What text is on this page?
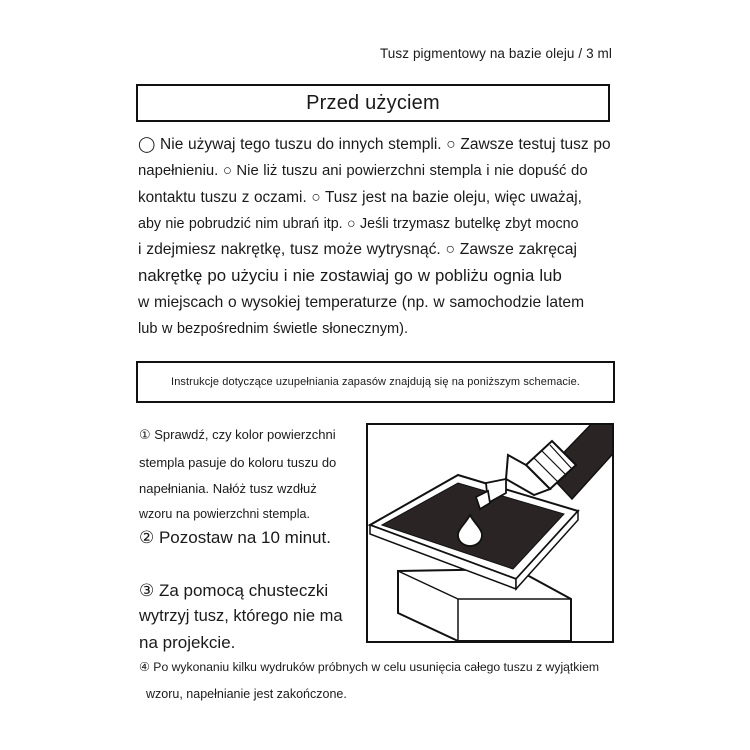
Tusz pigmentowy na bazie oleju / 3 ml
Przed użyciem
◯ Nie używaj tego tuszu do innych stempli. ○ Zawsze testuj tusz po
napełnieniu. ○ Nie liż tuszu ani powierzchni stempla i nie dopuść do
kontaktu tuszu z oczami. ○ Tusz jest na bazie oleju, więc uważaj,
aby nie pobrudzić nim ubrań itp. ○ Jeśli trzymasz butelkę zbyt mocno
i zdejmiesz nakrętkę, tusz może wytrysnąć. ○ Zawsze zakręcaj
nakrętkę po użyciu i nie zostawiaj go w pobliżu ognia lub
w miejscach o wysokiej temperaturze (np. w samochodzie latem
lub w bezpośrednim świetle słonecznym).
Instrukcje dotyczące uzupełniania zapasów znajdują się na poniższym schemacie.
① Sprawdź, czy kolor powierzchni
stempla pasuje do koloru tuszu do
napełniania. Nałóż tusz wzdłuż
wzoru na powierzchni stempla.
② Pozostaw na 10 minut.
③ Za pomocą chusteczki
wytrzyj tusz, którego nie ma
na projekcie.
④ Po wykonaniu kilku wydruków próbnych w celu usunięcia całego tuszu z wyjątkiem
wzoru, napełnianie jest zakończone.
